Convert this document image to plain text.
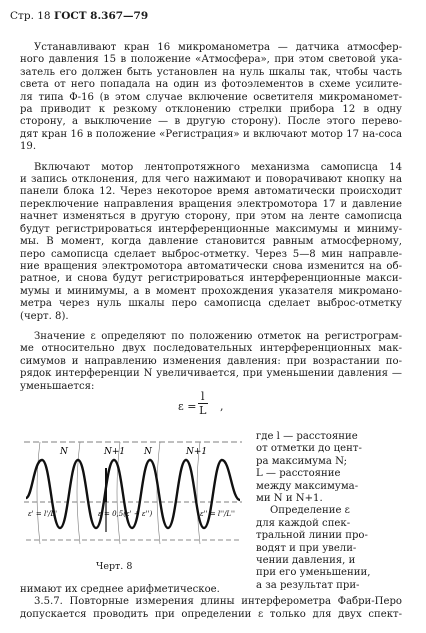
Стр. 18 ГОСТ 8.367—79
Устанавливают кран 16 микроманометра — датчика атмосфер-
ного давления 15 в положение «Атмосфера», при этом световой ука-
затель его должен быть установлен на нуль шкалы так, чтобы часть
света от него попадала на один из фотоэлементов в схеме усилите-
ля типа Ф-16 (в этом случае включение осветителя микроманомет-
ра приводит к резкому отклонению стрелки прибора 12 в одну
сторону, а выключение — в другую сторону). После этого перево-
дят кран 16 в положение «Регистрация» и включают мотор 17 на-соса
19.
Включают мотор лентопротяжного механизма самописца 14
и запись отклонения, для чего нажимают и поворачивают кнопку на
панели блока 12. Через некоторое время автоматически происходит
переключение направления вращения электромотора 17 и давление
начнет изменяться в другую сторону, при этом на ленте самописца
будут регистрироваться интерференционные максимумы и миниму-
мы. В момент, когда давление становится равным атмосферному,
перо самописца сделает выброс-отметку. Через 5—8 мин направле-
ние вращения электромотора автоматически снова изменится на об-
ратное, и снова будут регистрироваться интерференционные макси-
мумы и минимумы, а в момент прохождения указателя микромано-
метра через нуль шкалы перо самописца сделает выброс-отметку
(черт. 8).
Значение ε определяют по положению отметок на регистрограм-
ме относительно двух последовательных интерференционных мак-
симумов и направлению изменения давления: при возрастании по-
рядок интерференции N увеличивается, при уменьшении давления —
уменьшается:
$\varepsilon = \frac{l}{L}$ ,
N	N+1 N	N+1
ε' = l'/L'	ε = 0,5(ε' + ε'')	ε'' = l''/L''
Черт. 8
где l — расстояние
от отметки до цент-
ра максимума N;
L — расстояние
между максимума-
ми N и N+1.
Определение ε
для каждой спек-
тральной линии про-
водят и при увели-
чении давления, и
при его уменьшении,
а за результат при-
нимают их среднее арифметическое.
3.5.7. Повторные измерения длины интерферометра Фабри-Перо
допускается проводить при определении ε только для двух спект-
